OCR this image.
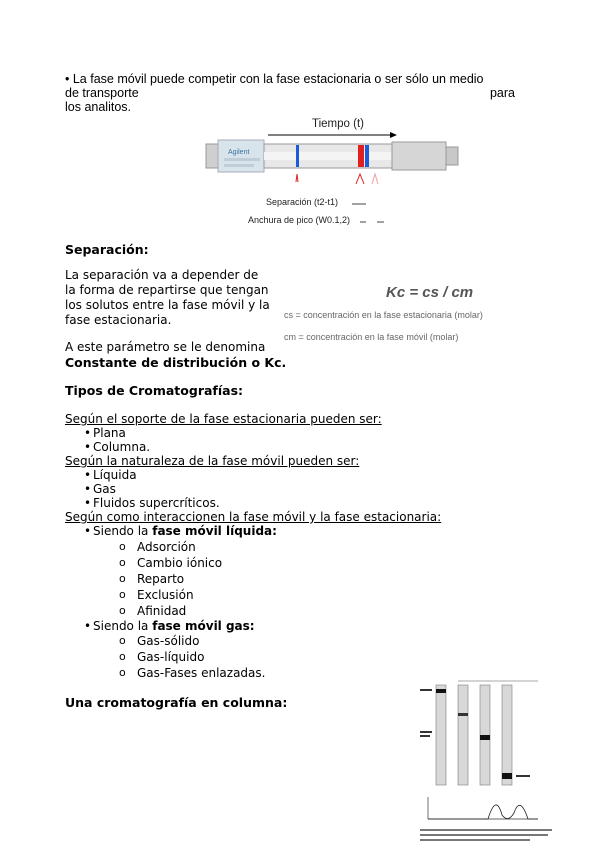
• La fase móvil puede competir con la fase estacionaria o ser sólo un medio
de transporte	para
los analitos.
Agilent
Tiempo (t)
Separación (t2-t1)
Anchura de pico (W0.1,2)
Separación:
La separación va a depender de
la forma de repartirse que tengan
los solutos entre la fase móvil y la
fase estacionaria.
A este parámetro se le denomina
Constante de distribución o Kc.
Kc = cs / cm
cs = concentración en la fase estacionaria (molar)
cm = concentración en la fase móvil (molar)
Tipos de Cromatografías:
Según el soporte de la fase estacionaria pueden ser:
• Plana
• Columna.
Según la naturaleza de la fase móvil pueden ser:
• Líquida
• Gas
• Fluidos supercríticos.
Según como interaccionen la fase móvil y la fase estacionaria:
• Siendo la fase móvil líquida:
o Adsorción
o Cambio iónico
o Reparto
o Exclusión
o Afinidad
• Siendo la fase móvil gas:
o Gas-sólido
o Gas-líquido
o Gas-Fases enlazadas.
Una cromatografía en columna:
